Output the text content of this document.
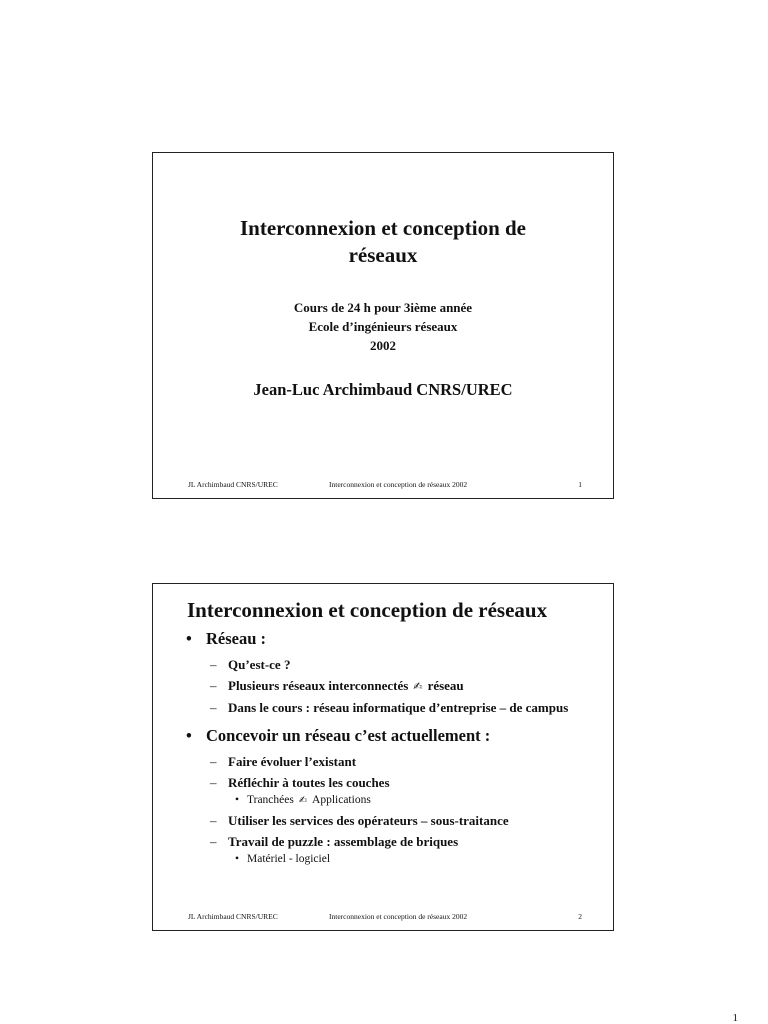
Interconnexion et conception de
réseaux
Cours de 24 h pour 3ième année
Ecole d’ingénieurs réseaux
2002
Jean-Luc Archimbaud CNRS/UREC
JL Archimbaud CNRS/UREC	Interconnexion et conception de réseaux 2002	1
Interconnexion et conception de réseaux
• Réseau :
– Qu’est-ce ?
– Plusieurs réseaux interconnectés ✍ réseau
– Dans le cours : réseau informatique d’entreprise – de campus
• Concevoir un réseau c’est actuellement :
– Faire évoluer l’existant
– Réfléchir à toutes les couches
• Tranchées ✍ Applications
– Utiliser les services des opérateurs – sous-traitance
– Travail de puzzle : assemblage de briques
• Matériel - logiciel
JL Archimbaud CNRS/UREC	Interconnexion et conception de réseaux 2002	2
1
